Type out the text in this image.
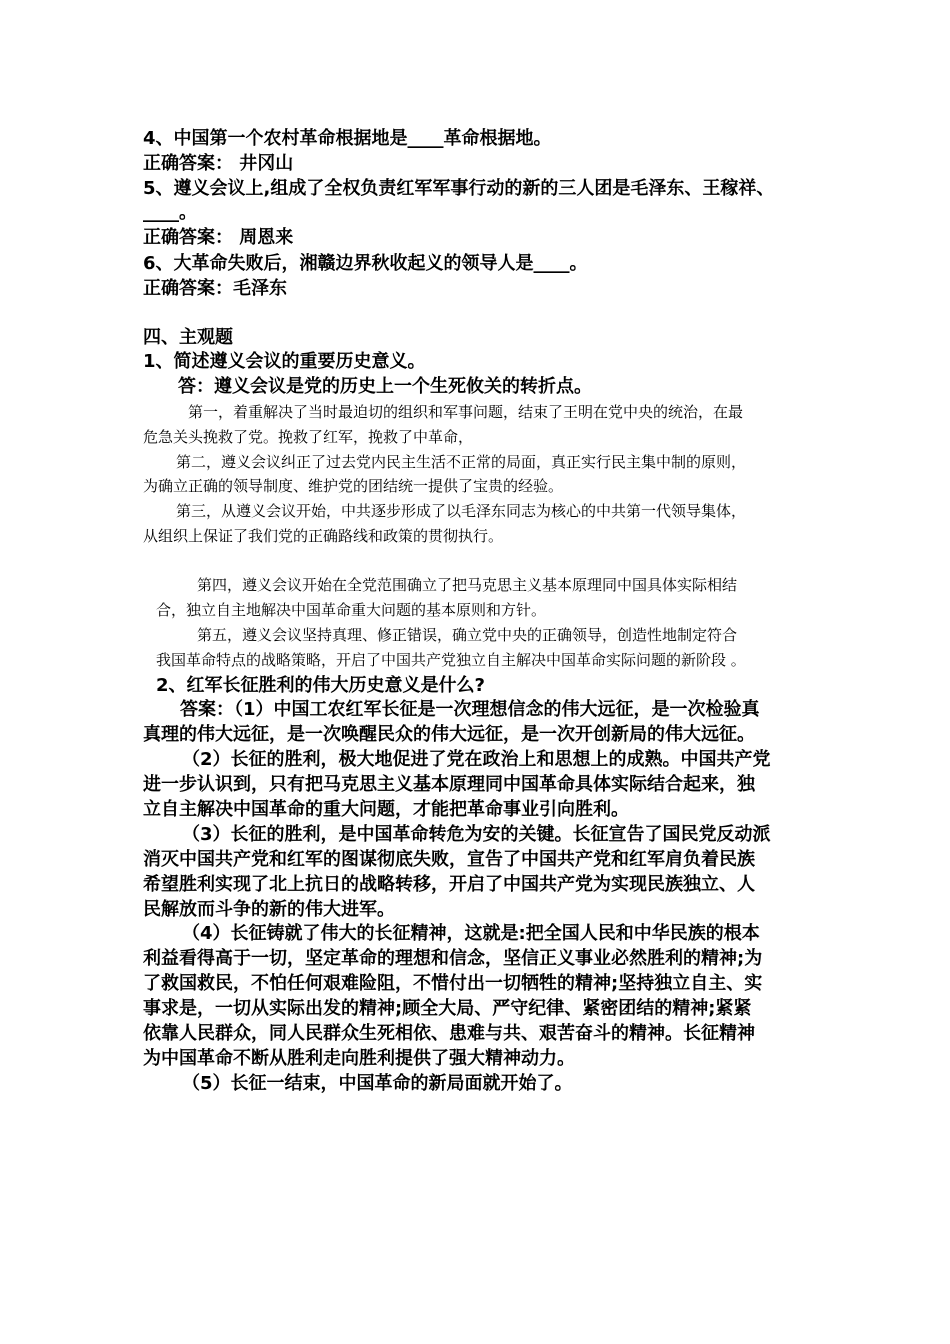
4、中国第一个农村革命根据地是____革命根据地。
正确答案： 井冈山
5、遵义会议上,组成了全权负责红军军事行动的新的三人团是毛泽东、王稼祥、
____。
正确答案： 周恩来
6、大革命失败后，湘赣边界秋收起义的领导人是____。
正确答案：毛泽东
四、主观题
1、简述遵义会议的重要历史意义。
答：遵义会议是党的历史上一个生死攸关的转折点。
第一，着重解决了当时最迫切的组织和军事问题，结束了王明在党中央的统治，在最
危急关头挽救了党。挽救了红军，挽救了中革命，
第二，遵义会议纠正了过去党内民主生活不正常的局面，真正实行民主集中制的原则，
为确立正确的领导制度、维护党的团结统一提供了宝贵的经验。
第三，从遵义会议开始，中共逐步形成了以毛泽东同志为核心的中共第一代领导集体，
从组织上保证了我们党的正确路线和政策的贯彻执行。
第四，遵义会议开始在全党范围确立了把马克思主义基本原理同中国具体实际相结
合，独立自主地解决中国革命重大问题的基本原则和方针。
第五，遵义会议坚持真理、修正错误，确立党中央的正确领导，创造性地制定符合
我国革命特点的战略策略，开启了中国共产党独立自主解决中国革命实际问题的新阶段 。
2、红军长征胜利的伟大历史意义是什么?
答案：（1）中国工农红军长征是一次理想信念的伟大远征，是一次检验真
真理的伟大远征，是一次唤醒民众的伟大远征，是一次开创新局的伟大远征。
（2）长征的胜利，极大地促进了党在政治上和思想上的成熟。中国共产党
进一步认识到，只有把马克思主义基本原理同中国革命具体实际结合起来，独
立自主解决中国革命的重大问题，才能把革命事业引向胜利。
（3）长征的胜利，是中国革命转危为安的关键。长征宣告了国民党反动派
消灭中国共产党和红军的图谋彻底失败，宣告了中国共产党和红军肩负着民族
希望胜利实现了北上抗日的战略转移，开启了中国共产党为实现民族独立、人
民解放而斗争的新的伟大进军。
（4）长征铸就了伟大的长征精神，这就是:把全国人民和中华民族的根本
利益看得高于一切，坚定革命的理想和信念，坚信正义事业必然胜利的精神;为
了救国救民，不怕任何艰难险阻，不惜付出一切牺牲的精神;坚持独立自主、实
事求是，一切从实际出发的精神;顾全大局、严守纪律、紧密团结的精神;紧紧
依靠人民群众，同人民群众生死相依、患难与共、艰苦奋斗的精神。长征精神
为中国革命不断从胜利走向胜利提供了强大精神动力。
（5）长征一结束，中国革命的新局面就开始了。
